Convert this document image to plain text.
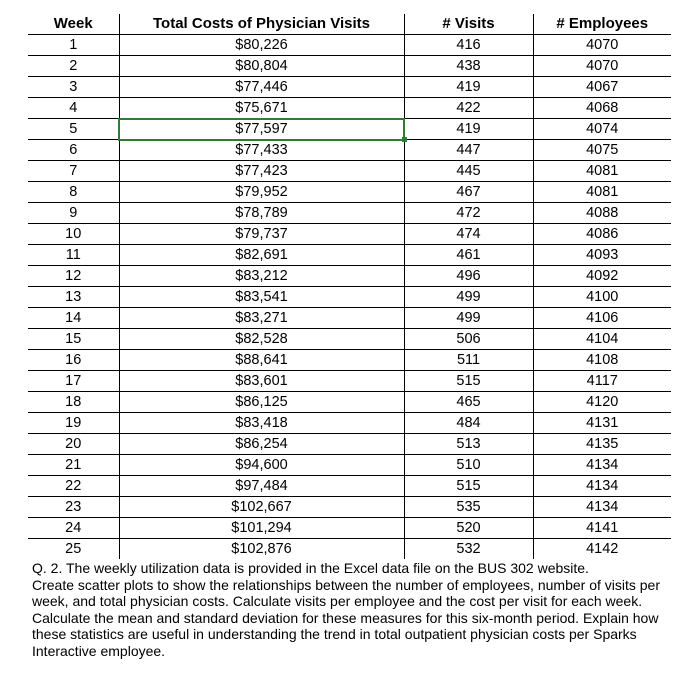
Week	Total Costs of Physician Visits	# Visits	# Employees
1	$80,226	416	4070
2	$80,804	438	4070
3	$77,446	419	4067
4	$75,671	422	4068
5	$77,597	419	4074
6	$77,433	447	4075
7	$77,423	445	4081
8	$79,952	467	4081
9	$78,789	472	4088
10	$79,737	474	4086
11	$82,691	461	4093
12	$83,212	496	4092
13	$83,541	499	4100
14	$83,271	499	4106
15	$82,528	506	4104
16	$88,641	511	4108
17	$83,601	515	4117
18	$86,125	465	4120
19	$83,418	484	4131
20	$86,254	513	4135
21	$94,600	510	4134
22	$97,484	515	4134
23	$102,667	535	4134
24	$101,294	520	4141
25	$102,876	532	4142

Q. 2. The weekly utilization data is provided in the Excel data file on the BUS 302 website.

Create scatter plots to show the relationships between the number of employees, number of visits per

week, and total physician costs. Calculate visits per employee and the cost per visit for each week.

Calculate the mean and standard deviation for these measures for this six-month period. Explain how

these statistics are useful in understanding the trend in total outpatient physician costs per Sparks

Interactive employee.
